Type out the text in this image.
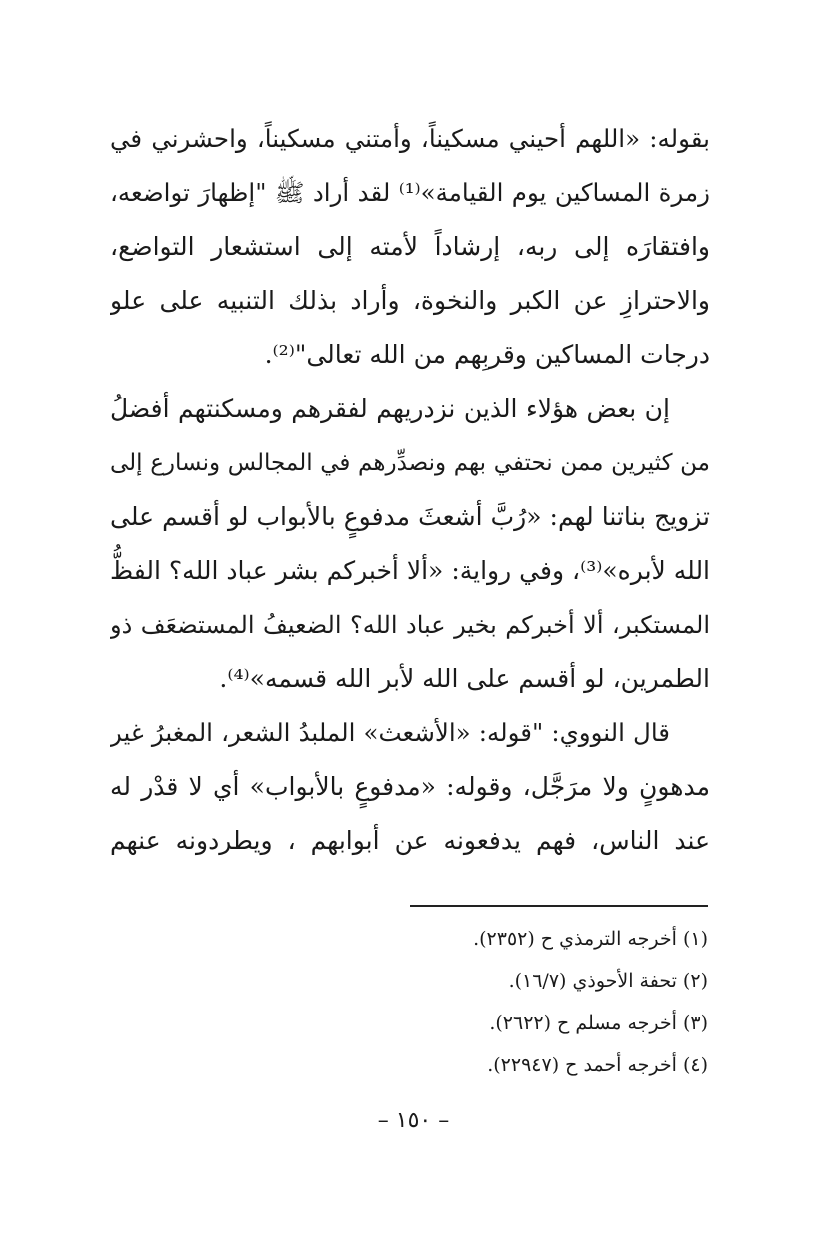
بقوله: «اللهم أحيني مسكيناً، وأمتني مسكيناً، واحشرني في
زمرة المساكين يوم القيامة»⁽¹⁾ لقد أراد ﷺ "إظهارَ تواضعه،
وافتقارَه إلى ربه، إرشاداً لأمته إلى استشعار التواضع،
والاحترازِ عن الكبر والنخوة، وأراد بذلك التنبيه على علو
درجات المساكين وقربِهم من الله تعالى"⁽²⁾.
إن بعض هؤلاء الذين نزدريهم لفقرهم ومسكنتهم أفضلُ
من كثيرين ممن نحتفي بهم ونصدِّرهم في المجالس ونسارع إلى
تزويج بناتنا لهم: «رُبَّ أشعثَ مدفوعٍ بالأبواب لو أقسم على
الله لأبره»⁽³⁾، وفي رواية: «ألا أخبركم بشر عباد الله؟ الفظُّ
المستكبر، ألا أخبركم بخير عباد الله؟ الضعيفُ المستضعَف ذو
الطمرين، لو أقسم على الله لأبر الله قسمه»⁽⁴⁾.
قال النووي: "قوله: «الأشعث» الملبدُ الشعر، المغبرُ غير
مدهونٍ ولا مرَجَّل، وقوله: «مدفوعٍ بالأبواب» أي لا قدْر له
عند الناس، فهم يدفعونه عن أبوابهم ، ويطردونه عنهم
(١) أخرجه الترمذي ح (٢٣٥٢).
(٢) تحفة الأحوذي (١٦/٧).
(٣) أخرجه مسلم ح (٢٦٢٢).
(٤) أخرجه أحمد ح (٢٢٩٤٧).
– ١٥٠ –
